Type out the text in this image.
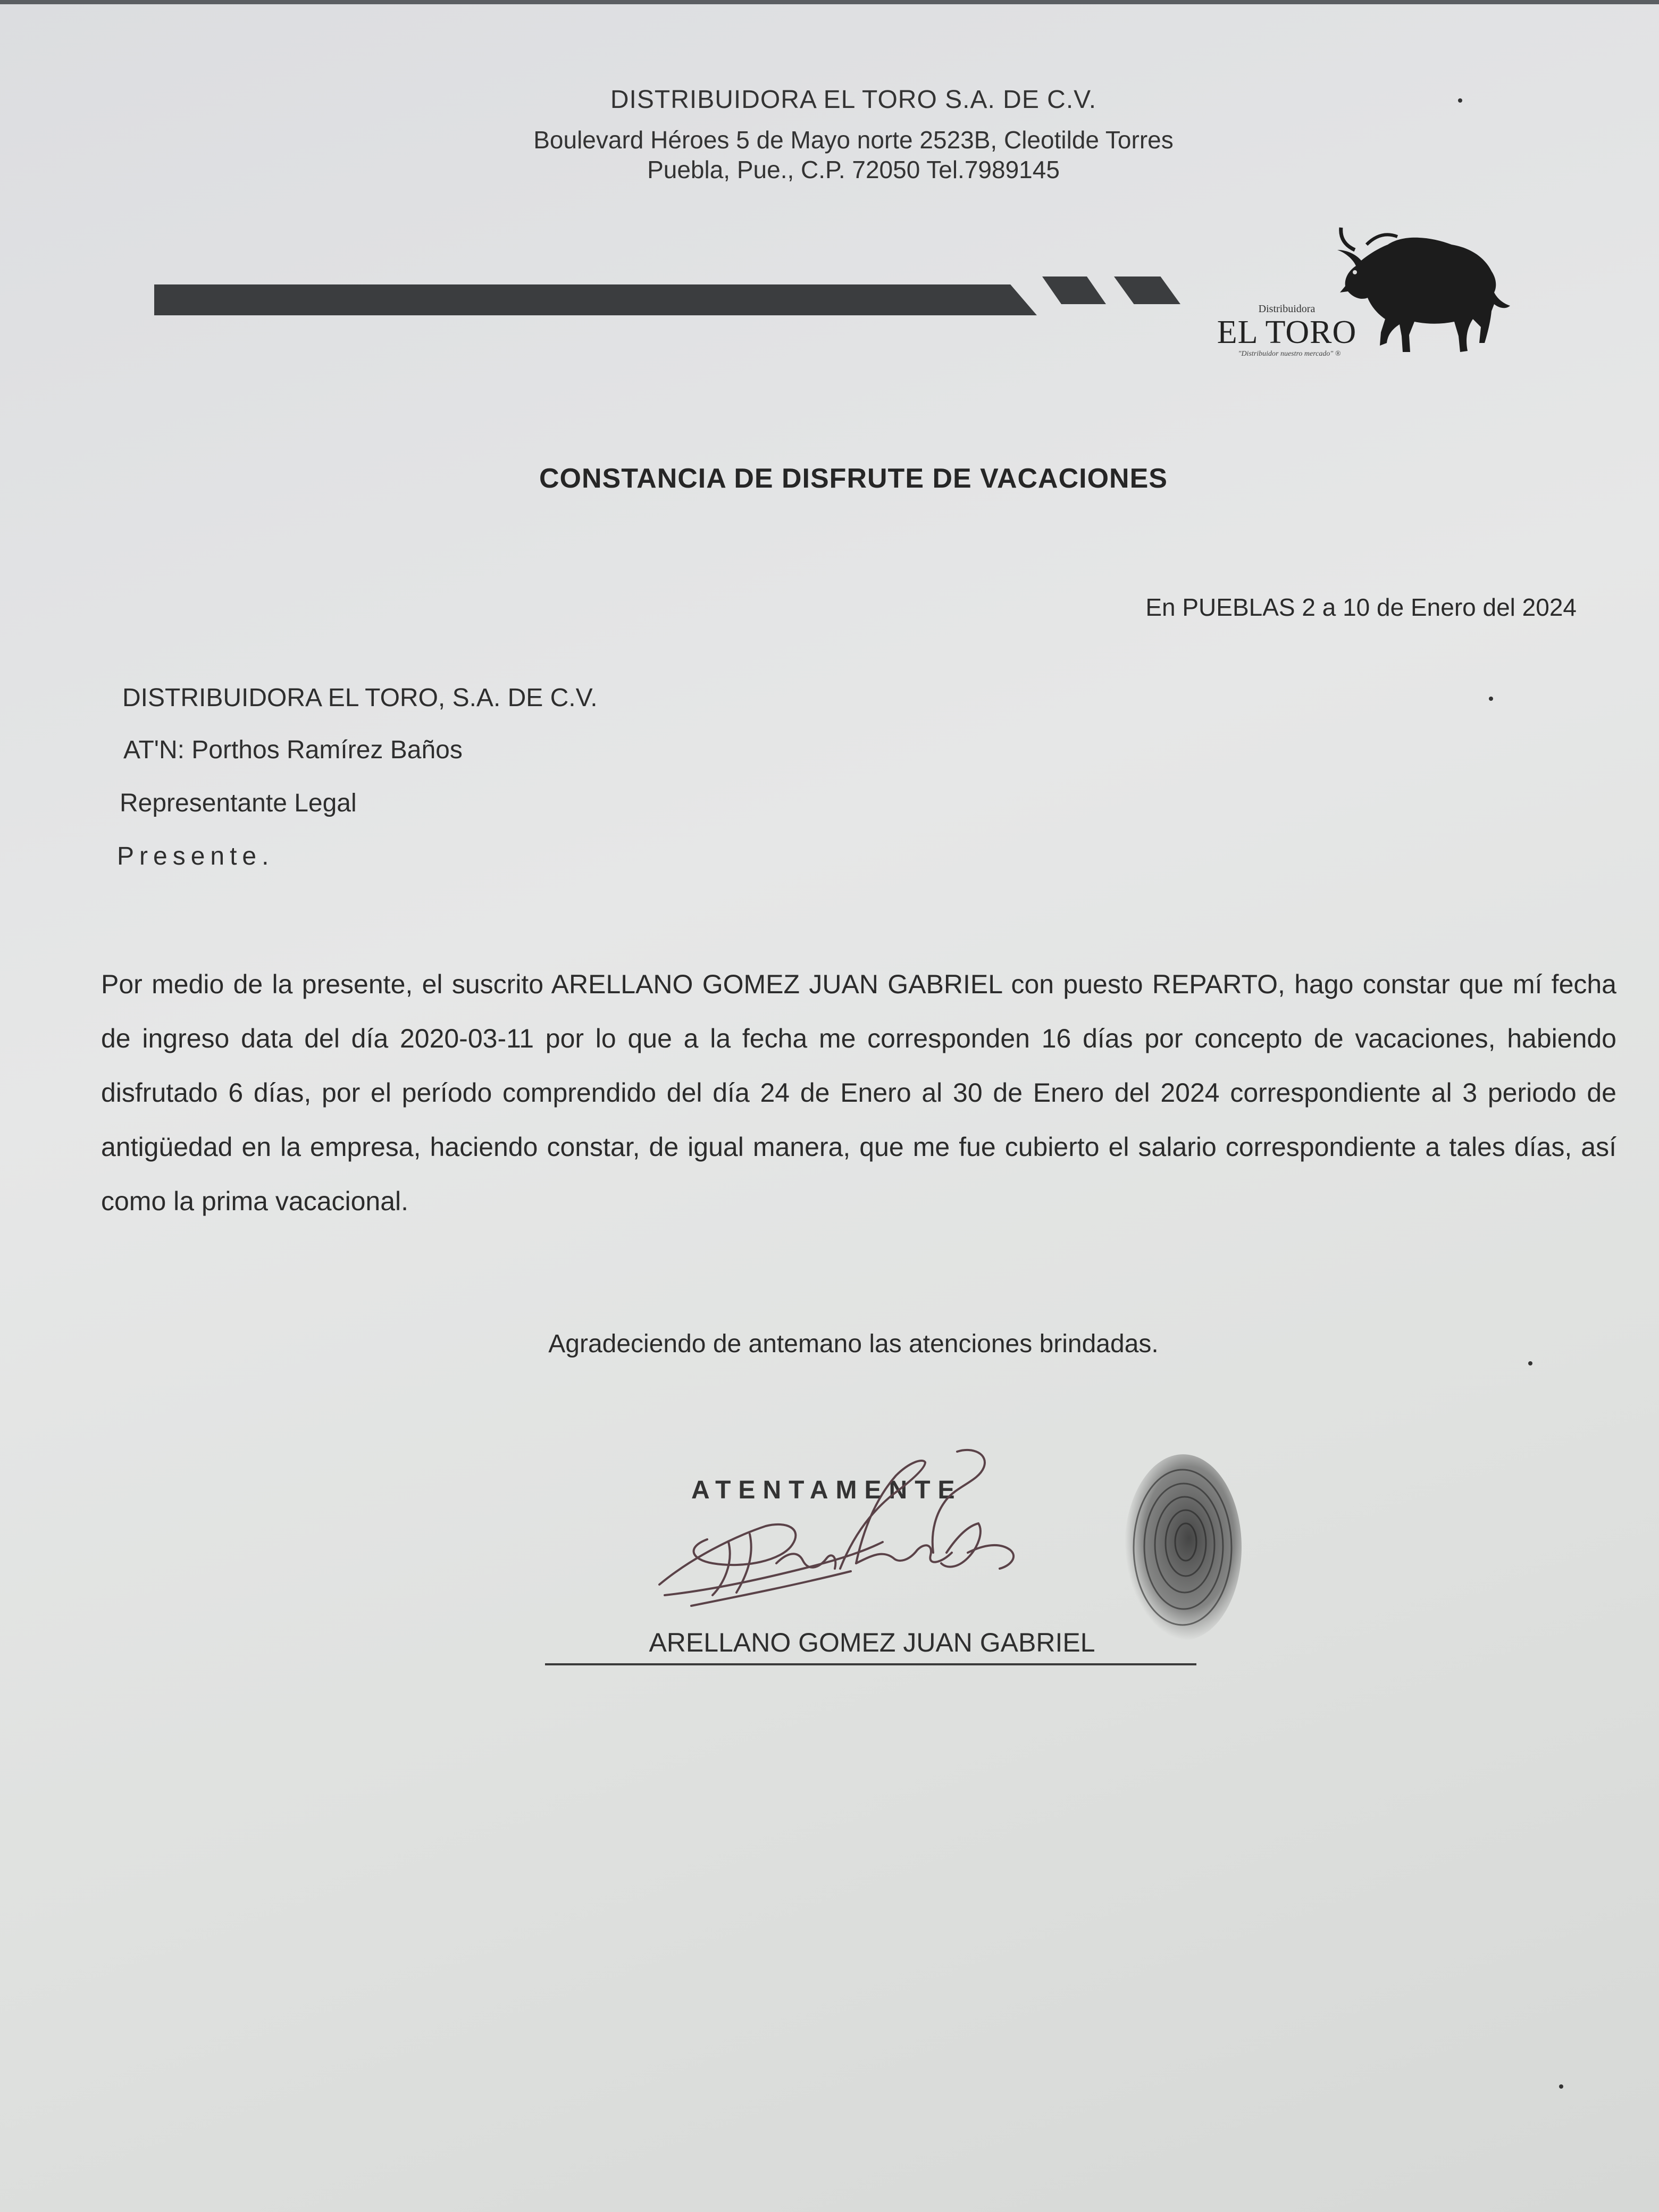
DISTRIBUIDORA EL TORO S.A. DE C.V.
Boulevard Héroes 5 de Mayo norte 2523B, Cleotilde Torres
Puebla, Pue., C.P. 72050 Tel.7989145
Distribuidora
EL TORO
"Distribuidor nuestro mercado" ®
CONSTANCIA DE DISFRUTE DE VACACIONES
En PUEBLAS 2 a 10 de Enero del 2024
DISTRIBUIDORA EL TORO, S.A. DE C.V.
AT'N: Porthos Ramírez Baños
Representante Legal
Presente.
Por medio de la presente, el suscrito ARELLANO GOMEZ JUAN GABRIEL con puesto REPARTO, hago constar que mí fecha de ingreso data del día 2020-03-11 por lo que a la fecha me corresponden 16 días por concepto de vacaciones, habiendo disfrutado 6 días, por el período comprendido del día 24 de Enero al 30 de Enero del 2024 correspondiente al 3 periodo de antigüedad en la empresa, haciendo constar, de igual manera, que me fue cubierto el salario correspondiente a tales días, así como la prima vacacional.
Agradeciendo de antemano las atenciones brindadas.
ATENTAMENTE
ARELLANO GOMEZ JUAN GABRIEL
